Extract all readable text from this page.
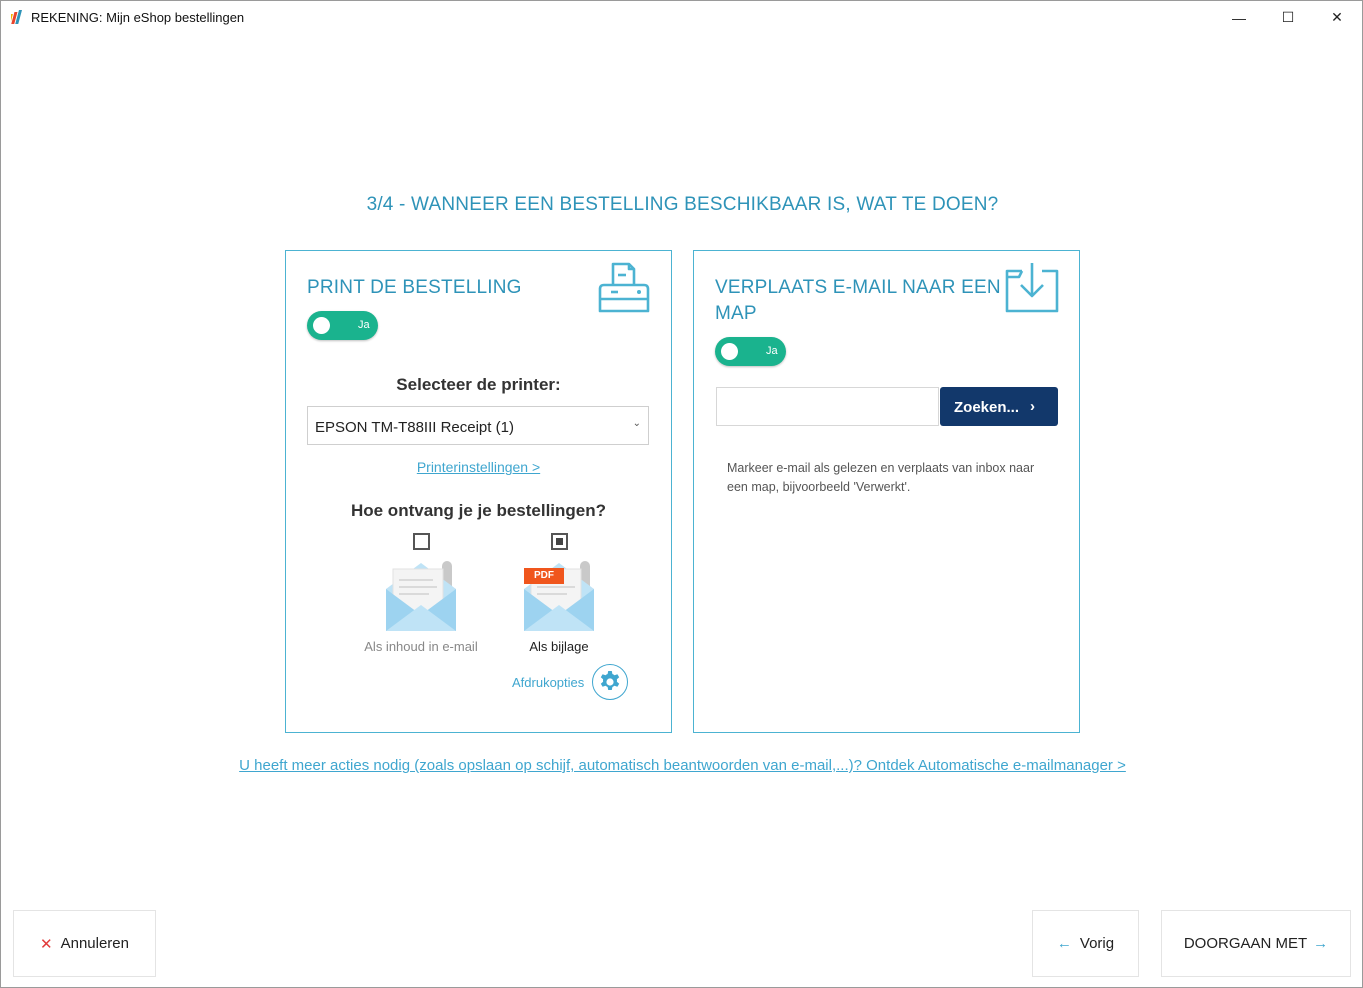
REKENING: Mijn eShop bestellingen	—	☐	✕
3/4 - WANNEER EEN BESTELLING BESCHIKBAAR IS, WAT TE DOEN?
PRINT DE BESTELLING
Ja
Selecteer de printer:
EPSON TM-T88III Receipt (1)	⌄
Printerinstellingen >
Hoe ontvang je je bestellingen?
Als inhoud in e-mail
PDF
Als bijlage
Afdrukopties
VERPLAATS E-MAIL NAAR EEN
MAP
Ja
Zoeken... ›
Markeer e-mail als gelezen en verplaats van inbox naar een map, bijvoorbeeld 'Verwerkt'.
U heeft meer acties nodig (zoals opslaan op schijf, automatisch beantwoorden van e-mail,...)? Ontdek Automatische e-mailmanager >
✕ Annuleren	← Vorig	DOORGAAN MET →
